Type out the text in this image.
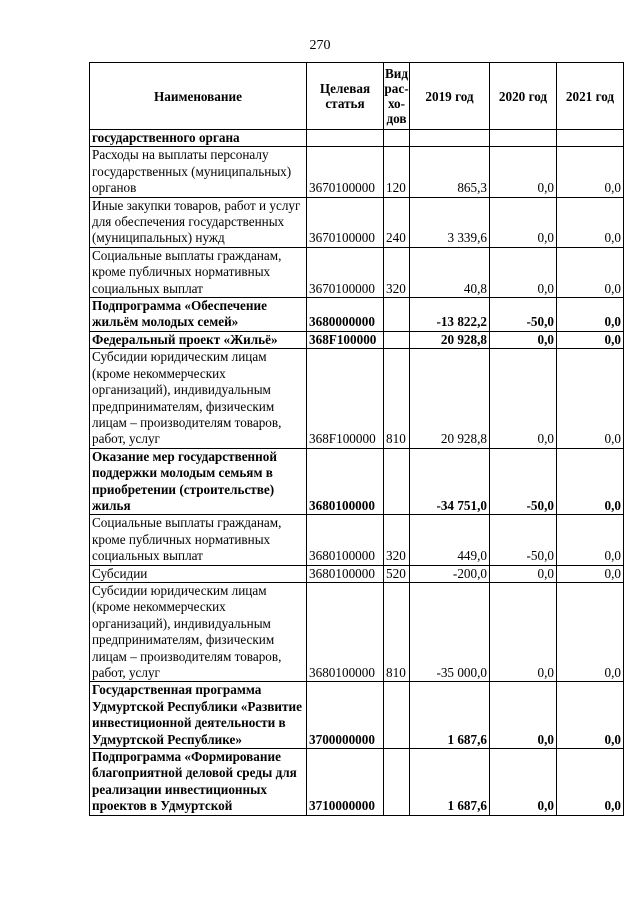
270
Наименование	Целевая статья	Вид рас-хо-дов	2019 год	2020 год	2021 год
государственного органа					
Расходы на выплаты персоналу государственных (муниципальных) органов	3670100000	120	865,3	0,0	0,0
Иные закупки товаров, работ и услуг для обеспечения государственных (муниципальных) нужд	3670100000	240	3 339,6	0,0	0,0
Социальные выплаты гражданам, кроме публичных нормативных социальных выплат	3670100000	320	40,8	0,0	0,0
Подпрограмма «Обеспечение жильём молодых семей»	3680000000		-13 822,2	-50,0	0,0
Федеральный проект «Жильё»	368F100000		20 928,8	0,0	0,0
Субсидии юридическим лицам (кроме некоммерческих организаций), индивидуальным предпринимателям, физическим лицам – производителям товаров, работ, услуг	368F100000	810	20 928,8	0,0	0,0
Оказание мер государственной поддержки молодым семьям в приобретении (строительстве) жилья	3680100000		-34 751,0	-50,0	0,0
Социальные выплаты гражданам, кроме публичных нормативных социальных выплат	3680100000	320	449,0	-50,0	0,0
Субсидии	3680100000	520	-200,0	0,0	0,0
Субсидии юридическим лицам (кроме некоммерческих организаций), индивидуальным предпринимателям, физическим лицам – производителям товаров, работ, услуг	3680100000	810	-35 000,0	0,0	0,0
Государственная программа Удмуртской Республики «Развитие инвестиционной деятельности в Удмуртской Республике»	3700000000		1 687,6	0,0	0,0
Подпрограмма «Формирование благоприятной деловой среды для реализации инвестиционных проектов в Удмуртской	3710000000		1 687,6	0,0	0,0
